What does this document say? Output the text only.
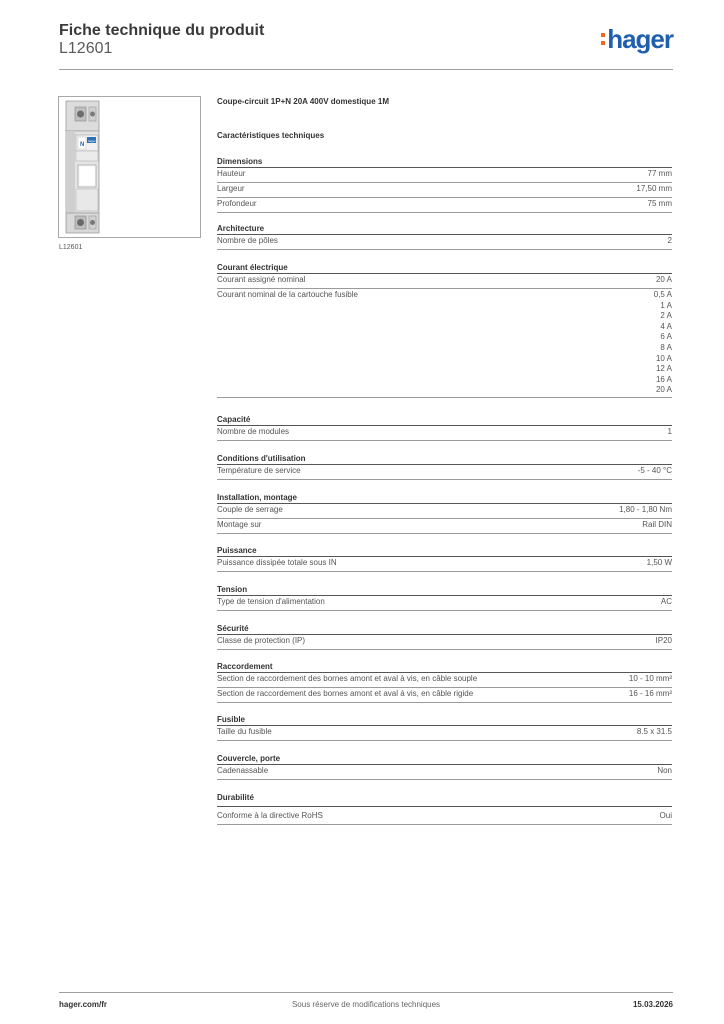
Fiche technique du produit
L12601	hager
N
hager
L12601
Coupe-circuit 1P+N 20A 400V domestique 1M
Caractéristiques techniques
Dimensions
Hauteur	77 mm
Largeur	17,50 mm
Profondeur	75 mm
Architecture
Nombre de pôles	2
Courant électrique
Courant assigné nominal	20 A
Courant nominal de la cartouche fusible	0,5 A
1 A
2 A
4 A
6 A
8 A
10 A
12 A
16 A
20 A
Capacité
Nombre de modules	1
Conditions d'utilisation
Température de service	-5 - 40 °C
Installation, montage
Couple de serrage	1,80 - 1,80 Nm
Montage sur	Rail DIN
Puissance
Puissance dissipée totale sous IN	1,50 W
Tension
Type de tension d'alimentation	AC
Sécurité
Classe de protection (IP)	IP20
Raccordement
Section de raccordement des bornes amont et aval à vis, en câble souple	10 - 10 mm²
Section de raccordement des bornes amont et aval à vis, en câble rigide	16 - 16 mm²
Fusible
Taille du fusible	8.5 x 31.5
Couvercle, porte
Cadenassable	Non
Durabilité
Conforme à la directive RoHS	Oui
hager.com/fr	Sous réserve de modifications techniques	15.03.2026
